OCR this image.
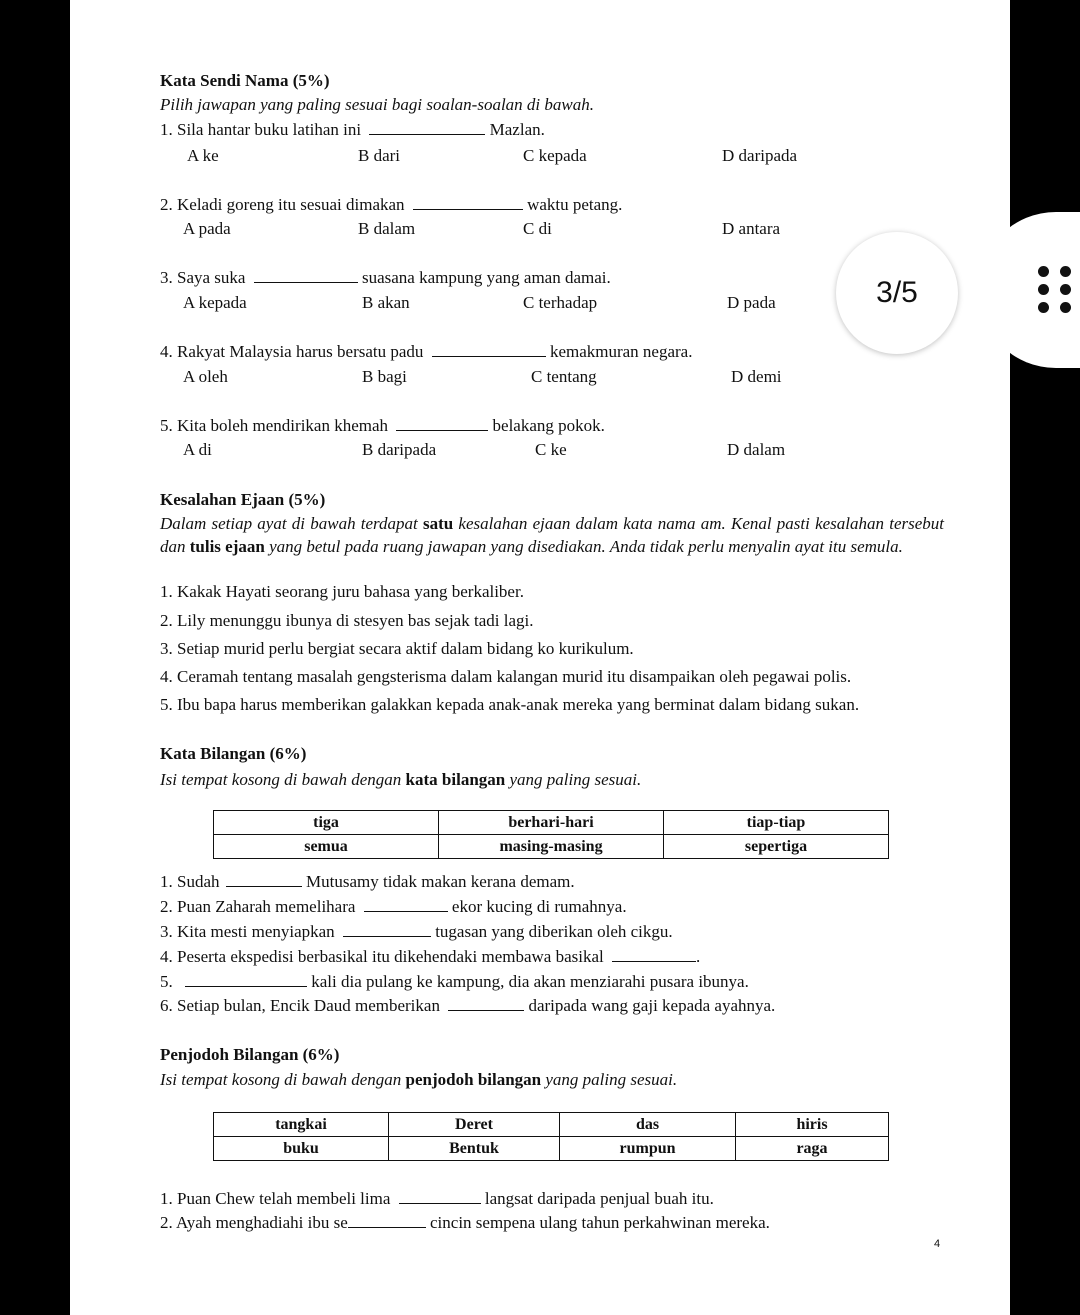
Kata Sendi Nama (5%)
Pilih jawapan yang paling sesuai bagi soalan-soalan di bawah.
1. Sila hantar buku latihan ini	Mazlan.
A ke	B dari	C kepada	D daripada
2. Keladi goreng itu sesuai dimakan	waktu petang.
A pada	B dalam	C di	D antara
3. Saya suka	suasana kampung yang aman damai.
A kepada	B akan	C terhadap	D pada
4. Rakyat Malaysia harus bersatu padu	kemakmuran negara.
A oleh	B bagi	C tentang	D demi
5. Kita boleh mendirikan khemah	belakang pokok.
A di	B daripada	C ke	D dalam
Kesalahan Ejaan (5%)
Dalam setiap ayat di bawah terdapat satu kesalahan ejaan dalam kata nama am. Kenal pasti kesalahan tersebut dan tulis ejaan yang betul pada ruang jawapan yang disediakan. Anda tidak perlu menyalin ayat itu semula.
1. Kakak Hayati seorang juru bahasa yang berkaliber.
2. Lily menunggu ibunya di stesyen bas sejak tadi lagi.
3. Setiap murid perlu bergiat secara aktif dalam bidang ko kurikulum.
4. Ceramah tentang masalah gengsterisma dalam kalangan murid itu disampaikan oleh pegawai polis.
5. Ibu bapa harus memberikan galakkan kepada anak-anak mereka yang berminat dalam bidang sukan.
Kata Bilangan (6%)
Isi tempat kosong di bawah dengan kata bilangan yang paling sesuai.
tiga	berhari-hari	tiap-tiap
semua	masing-masing	sepertiga
1. Sudah	Mutusamy tidak makan kerana demam.
2. Puan Zaharah memelihara	ekor kucing di rumahnya.
3. Kita mesti menyiapkan	tugasan yang diberikan oleh cikgu.
4. Peserta ekspedisi berbasikal itu dikehendaki membawa basikal	.
5.	kali dia pulang ke kampung, dia akan menziarahi pusara ibunya.
6. Setiap bulan, Encik Daud memberikan	daripada wang gaji kepada ayahnya.
Penjodoh Bilangan (6%)
Isi tempat kosong di bawah dengan penjodoh bilangan yang paling sesuai.
tangkai	Deret	das	hiris
buku	Bentuk	rumpun	raga
1. Puan Chew telah membeli lima	langsat daripada penjual buah itu.
2. Ayah menghadiahi ibu se	cincin sempena ulang tahun perkahwinan mereka.
4
3/5
